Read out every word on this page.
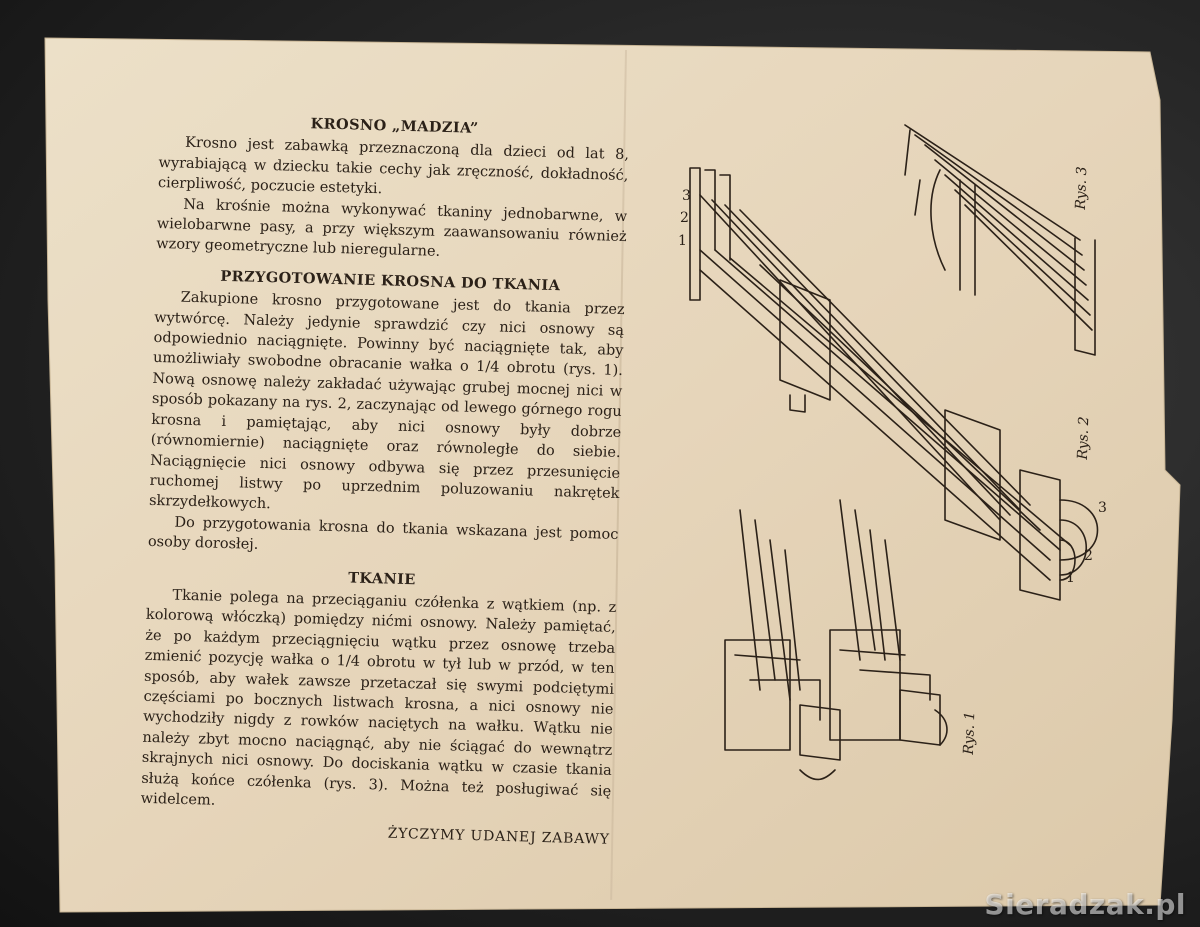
KROSNO „MADZIA”

Krosno jest zabawką przeznaczoną dla dzieci od lat 8, wyrabiającą w dziecku takie cechy jak zręczność, dokładność, cierpliwość, poczucie estetyki.

Na krośnie można wykonywać tkaniny jednobarwne, w wielobarwne pasy, a przy większym zaawansowaniu również wzory geometryczne lub nieregularne.

PRZYGOTOWANIE KROSNA DO TKANIA

Zakupione krosno przygotowane jest do tkania przez wytwórcę. Należy jedynie sprawdzić czy nici osnowy są odpowiednio naciągnięte. Powinny być naciągnięte tak, aby umożliwiały swobodne obracanie wałka o 1/4 obrotu (rys. 1). Nową osnowę należy zakładać używając grubej mocnej nici w sposób pokazany na rys. 2, zaczynając od lewego górnego rogu krosna i pamiętając, aby nici osnowy były dobrze (równomiernie) naciągnięte oraz równoległe do siebie. Naciągnięcie nici osnowy odbywa się przez przesunięcie ruchomej listwy po uprzednim poluzowaniu nakrętek skrzydełkowych.

Do przygotowania krosna do tkania wskazana jest pomoc osoby dorosłej.

TKANIE

Tkanie polega na przeciąganiu czółenka z wątkiem (np. z kolorową włóczką) pomiędzy nićmi osnowy. Należy pamiętać, że po każdym przeciągnięciu wątku przez osnowę trzeba zmienić pozycję wałka o 1/4 obrotu w tył lub w przód, w ten sposób, aby wałek zawsze przetaczał się swymi podciętymi częściami po bocznych listwach krosna, a nici osnowy nie wychodziły nigdy z rowków naciętych na wałku. Wątku nie należy zbyt mocno naciągnąć, aby nie ściągać do wewnątrz skrajnych nici osnowy. Do dociskania wątku w czasie tkania służą końce czółenka (rys. 3). Można też posługiwać się widelcem.

ŻYCZYMY UDANEJ ZABAWY
Rys. 2
Rys. 3
Rys. 1
1
2
3
1
2
3
Sieradzak.pl
